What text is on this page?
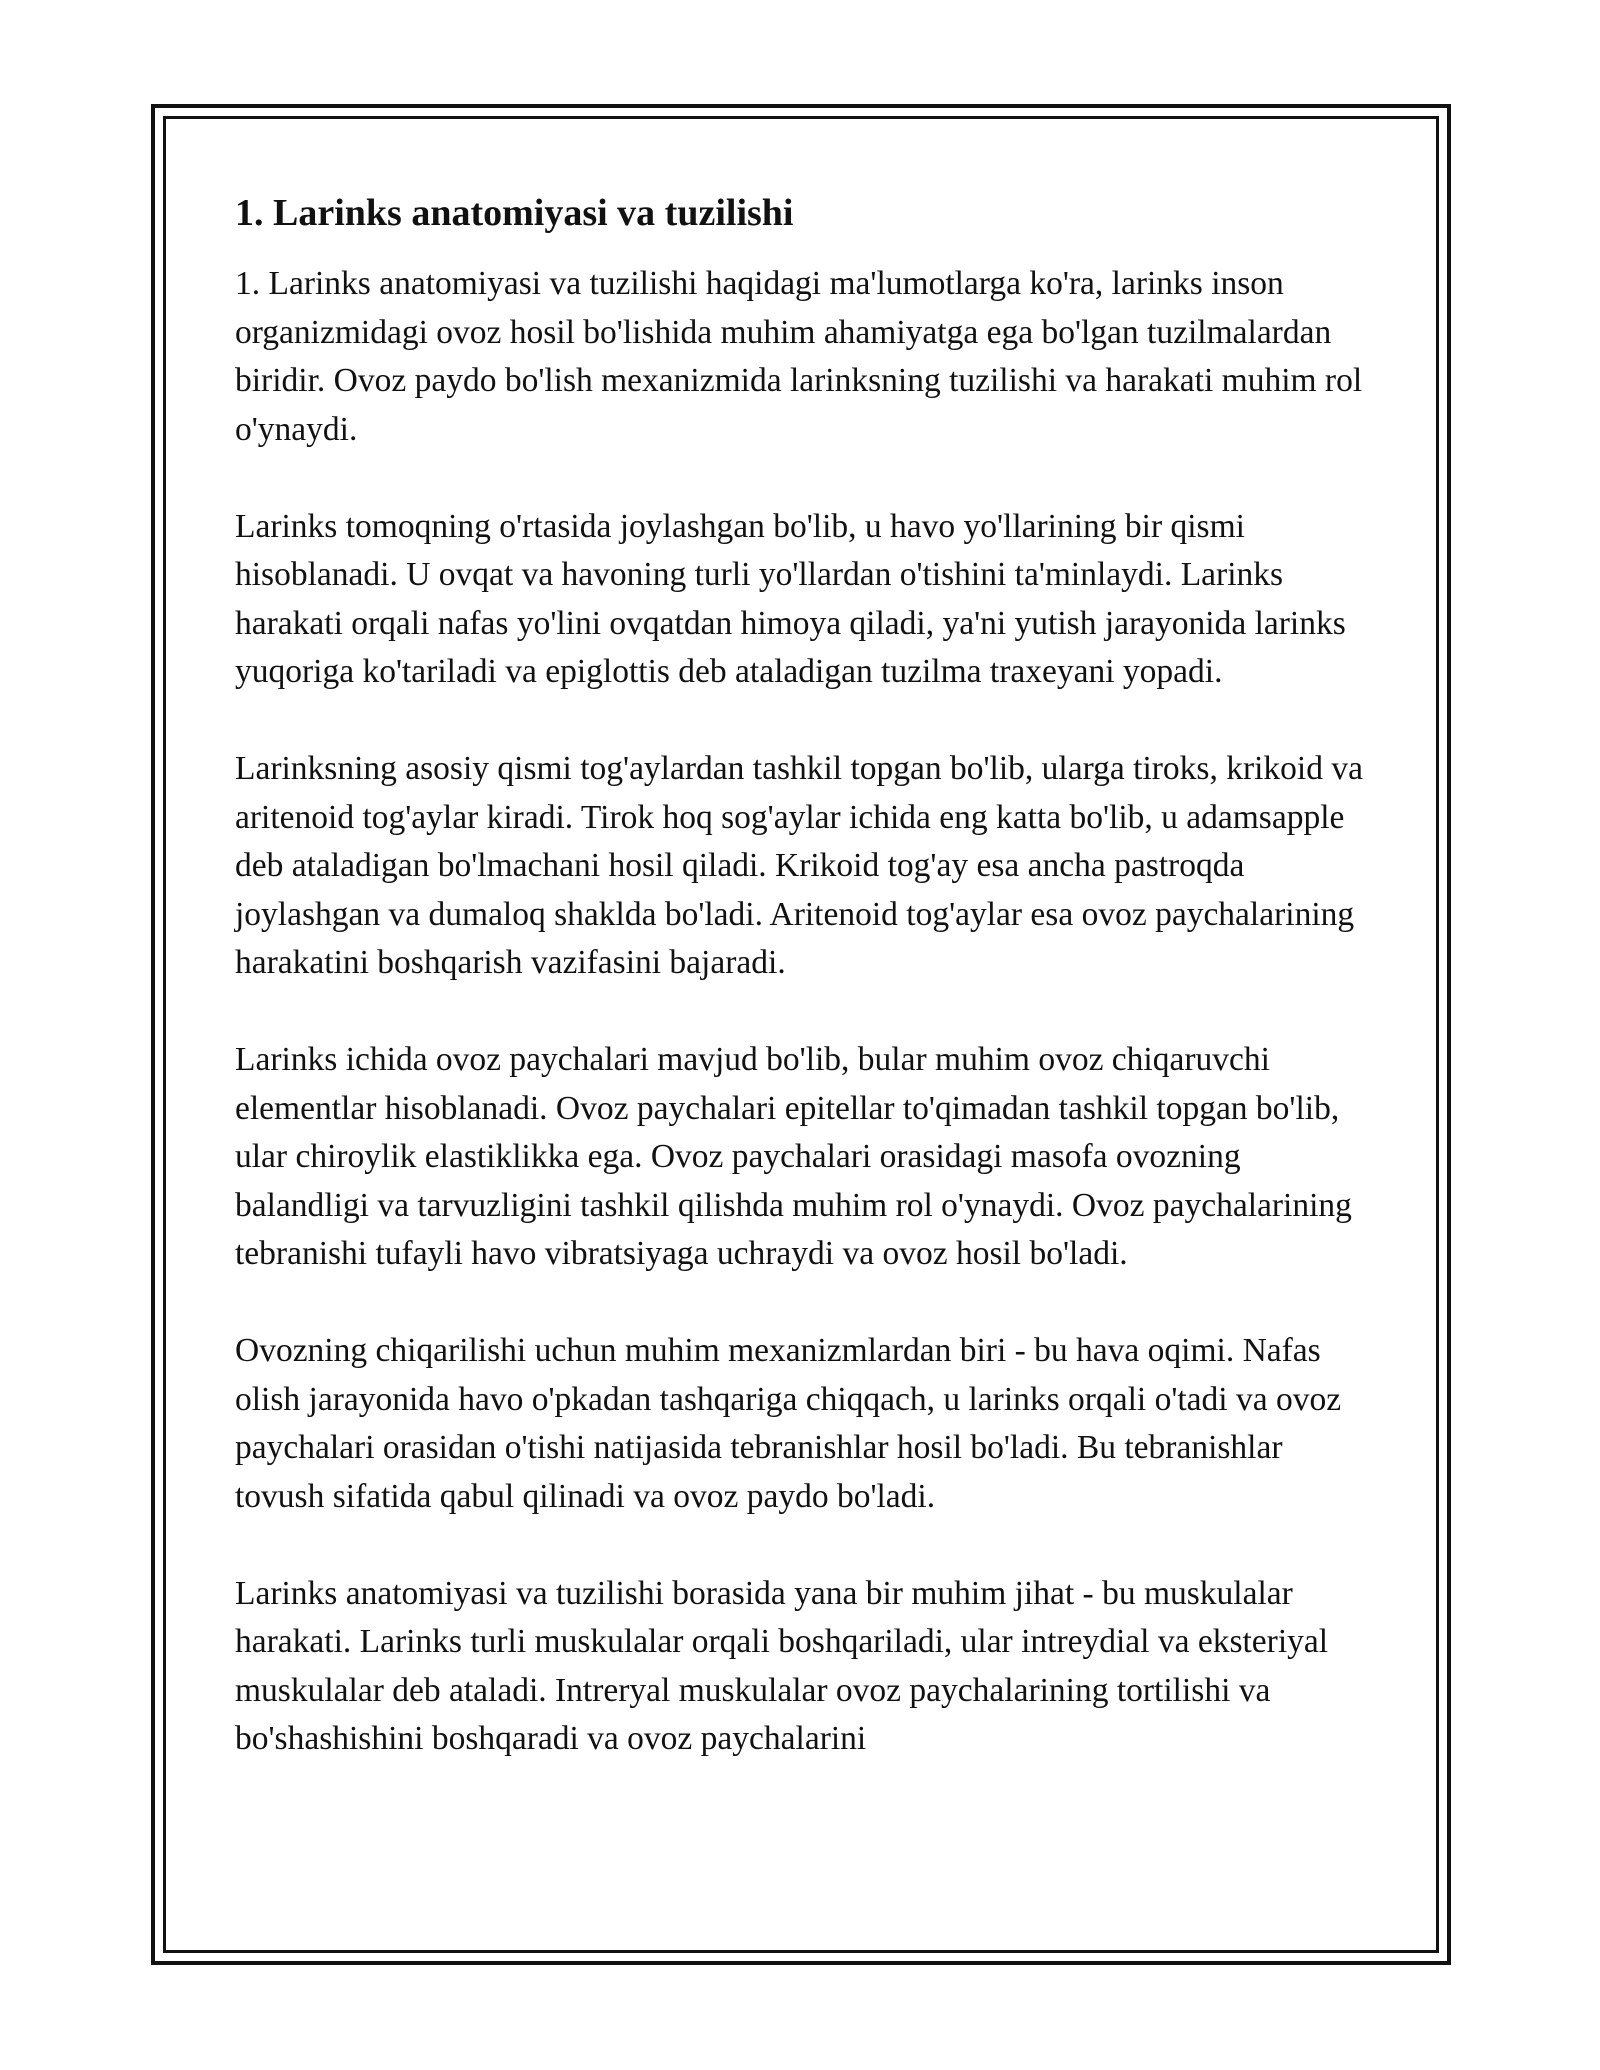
1. Larinks anatomiyasi va tuzilishi

1. Larinks anatomiyasi va tuzilishi haqidagi ma'lumotlarga ko'ra, larinks inson organizmidagi ovoz hosil bo'lishida muhim ahamiyatga ega bo'lgan tuzilmalardan biridir. Ovoz paydo bo'lish mexanizmida larinksning tuzilishi va harakati muhim rol o'ynaydi.

Larinks tomoqning o'rtasida joylashgan bo'lib, u havo yo'llarining bir qismi hisoblanadi. U ovqat va havoning turli yo'llardan o'tishini ta'minlaydi. Larinks harakati orqali nafas yo'lini ovqatdan himoya qiladi, ya'ni yutish jarayonida larinks yuqoriga ko'tariladi va epiglottis deb ataladigan tuzilma traxeyani yopadi.

Larinksning asosiy qismi tog'aylardan tashkil topgan bo'lib, ularga tiroks, krikoid va aritenoid tog'aylar kiradi. Tirok hoq sog'aylar ichida eng katta bo'lib, u adamsapple deb ataladigan bo'lmachani hosil qiladi. Krikoid tog'ay esa ancha pastroqda joylashgan va dumaloq shaklda bo'ladi. Aritenoid tog'aylar esa ovoz paychalarining harakatini boshqarish vazifasini bajaradi.

Larinks ichida ovoz paychalari mavjud bo'lib, bular muhim ovoz chiqaruvchi elementlar hisoblanadi. Ovoz paychalari epitellar to'qimadan tashkil topgan bo'lib, ular chiroylik elastiklikka ega. Ovoz paychalari orasidagi masofa ovozning balandligi va tarvuzligini tashkil qilishda muhim rol o'ynaydi. Ovoz paychalarining tebranishi tufayli havo vibratsiyaga uchraydi va ovoz hosil bo'ladi.

Ovozning chiqarilishi uchun muhim mexanizmlardan biri - bu hava oqimi. Nafas olish jarayonida havo o'pkadan tashqariga chiqqach, u larinks orqali o'tadi va ovoz paychalari orasidan o'tishi natijasida tebranishlar hosil bo'ladi. Bu tebranishlar tovush sifatida qabul qilinadi va ovoz paydo bo'ladi.

Larinks anatomiyasi va tuzilishi borasida yana bir muhim jihat - bu muskulalar harakati. Larinks turli muskulalar orqali boshqariladi, ular intreydial va eksteriyal muskulalar deb ataladi. Intreryal muskulalar ovoz paychalarining tortilishi va bo'shashishini boshqaradi va ovoz paychalarini
